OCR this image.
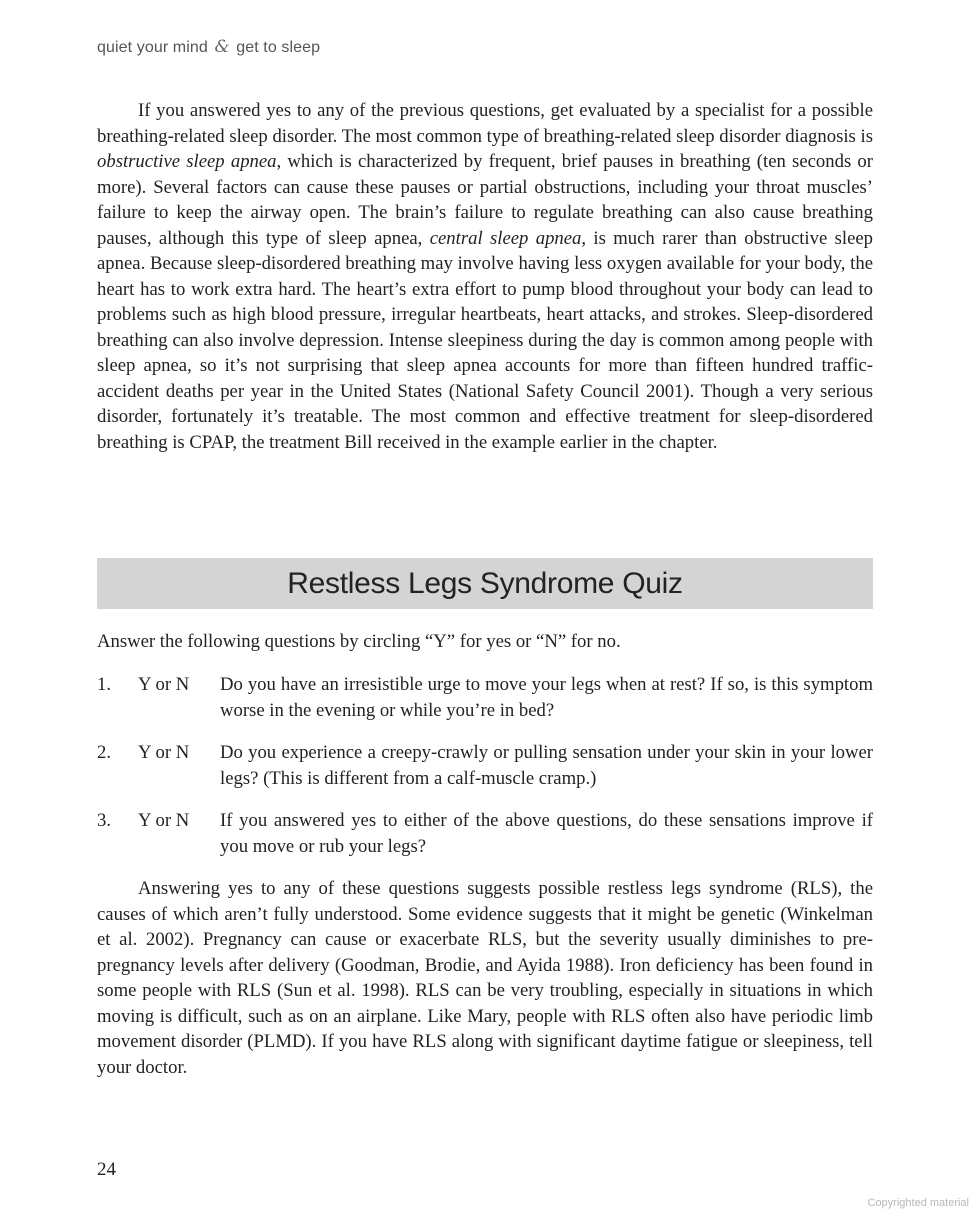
quiet your mind & get to sleep

If you answered yes to any of the previous questions, get evaluated by a specialist for a possible breathing-related sleep disorder. The most common type of breathing-related sleep disorder diagnosis is obstructive sleep apnea, which is characterized by frequent, brief pauses in breathing (ten seconds or more). Several factors can cause these pauses or partial obstructions, including your throat muscles’ failure to keep the airway open. The brain’s failure to regulate breathing can also cause breathing pauses, although this type of sleep apnea, central sleep apnea, is much rarer than obstructive sleep apnea. Because sleep-disordered breathing may involve having less oxygen available for your body, the heart has to work extra hard. The heart’s extra effort to pump blood throughout your body can lead to problems such as high blood pressure, irregular heartbeats, heart attacks, and strokes. Sleep-disordered breathing can also involve depression. Intense sleepiness during the day is common among people with sleep apnea, so it’s not surprising that sleep apnea accounts for more than fifteen hundred traffic-accident deaths per year in the United States (National Safety Council 2001). Though a very serious disorder, fortunately it’s treatable. The most common and effective treatment for sleep-disordered breathing is CPAP, the treatment Bill received in the example earlier in the chapter.

Restless Legs Syndrome Quiz

Answer the following questions by circling “Y” for yes or “N” for no.

1. Y or N Do you have an irresistible urge to move your legs when at rest? If so, is this symptom worse in the evening or while you’re in bed?
2. Y or N Do you experience a creepy-crawly or pulling sensation under your skin in your lower legs? (This is different from a calf-muscle cramp.)
3. Y or N If you answered yes to either of the above questions, do these sensations improve if you move or rub your legs?

Answering yes to any of these questions suggests possible restless legs syndrome (RLS), the causes of which aren’t fully understood. Some evidence suggests that it might be genetic (Winkelman et al. 2002). Pregnancy can cause or exacerbate RLS, but the severity usually diminishes to pre-pregnancy levels after delivery (Goodman, Brodie, and Ayida 1988). Iron deficiency has been found in some people with RLS (Sun et al. 1998). RLS can be very troubling, especially in situations in which moving is difficult, such as on an airplane. Like Mary, people with RLS often also have periodic limb movement disorder (PLMD). If you have RLS along with significant daytime fatigue or sleepiness, tell your doctor.

24
Copyrighted material
